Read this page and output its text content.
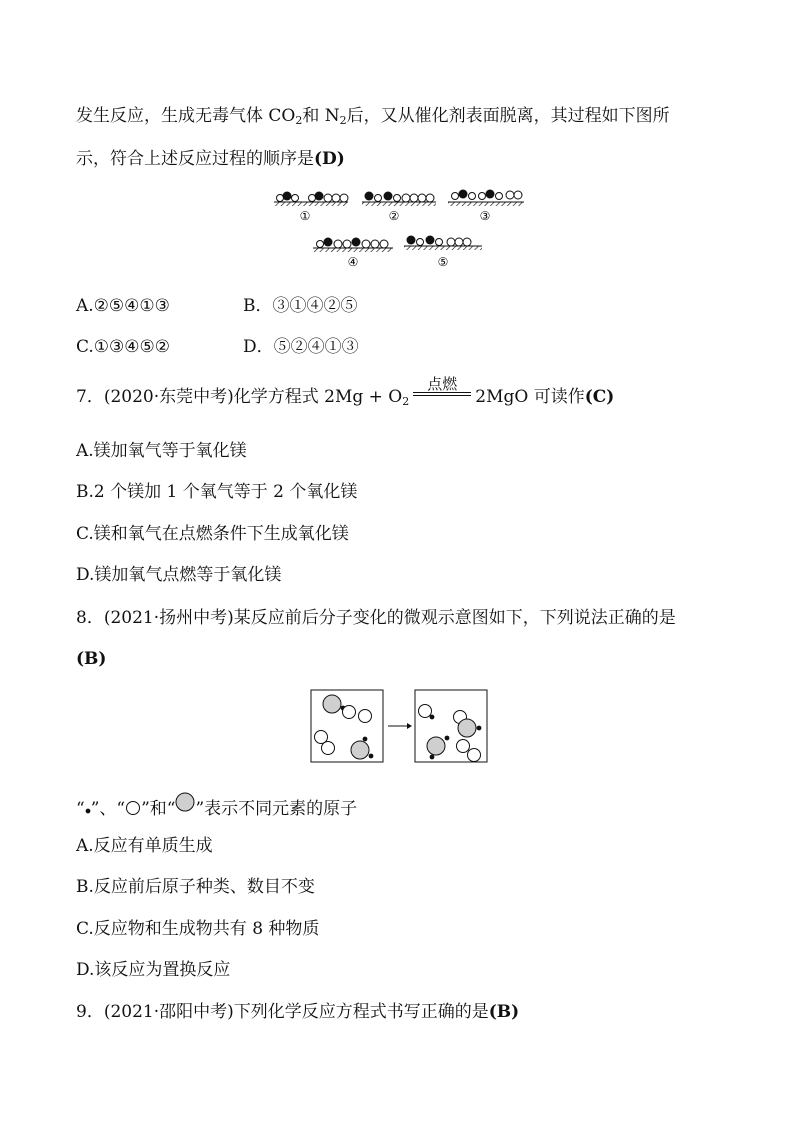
发生反应，生成无毒气体 $CO_2$和 $N_2$后，又从催化剂表面脱离，其过程如下图所
示，符合上述反应过程的顺序是(D)
①	②	③
④	⑤
A.②⑤④①③	B．③①④②⑤
C.①③④⑤②	D．⑤②④①③
7．(2020·东莞中考)化学方程式 $2Mg + O_2$
点燃
2MgO 可读作(C)
A.镁加氧气等于氧化镁
B.2 个镁加 1 个氧气等于 2 个氧化镁
C.镁和氧气在点燃条件下生成氧化镁
D.镁加氧气点燃等于氧化镁
8．(2021·扬州中考)某反应前后分子变化的微观示意图如下，下列说法正确的是
(B)
“ ”、“ ”和“ ”表示不同元素的原子
A.反应有单质生成
B.反应前后原子种类、数目不变
C.反应物和生成物共有 8 种物质
D.该反应为置换反应
9．(2021·邵阳中考)下列化学反应方程式书写正确的是(B)
